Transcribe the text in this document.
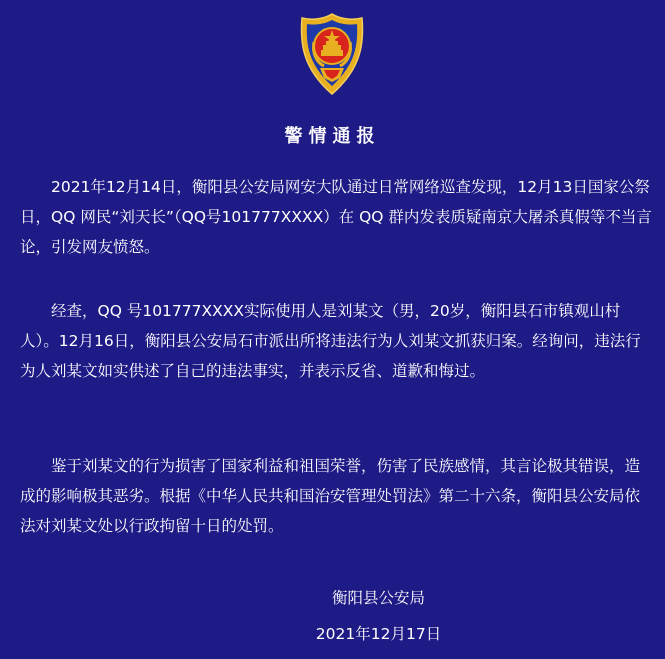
警情通报

2021年12月14日，衡阳县公安局网安大队通过日常网络巡查发现，12月13日国家公祭日，QQ 网民“刘天长”（QQ号101777XXXX）在 QQ 群内发表质疑南京大屠杀真假等不当言论，引发网友愤怒。

经查，QQ 号101777XXXX实际使用人是刘某文（男，20岁，衡阳县石市镇观山村人）。12月16日，衡阳县公安局石市派出所将违法行为人刘某文抓获归案。经询问，违法行为人刘某文如实供述了自己的违法事实，并表示反省、道歉和悔过。

鉴于刘某文的行为损害了国家利益和祖国荣誉，伤害了民族感情，其言论极其错误，造成的影响极其恶劣。根据《中华人民共和国治安管理处罚法》第二十六条，衡阳县公安局依法对刘某文处以行政拘留十日的处罚。

衡阳县公安局
2021年12月17日
